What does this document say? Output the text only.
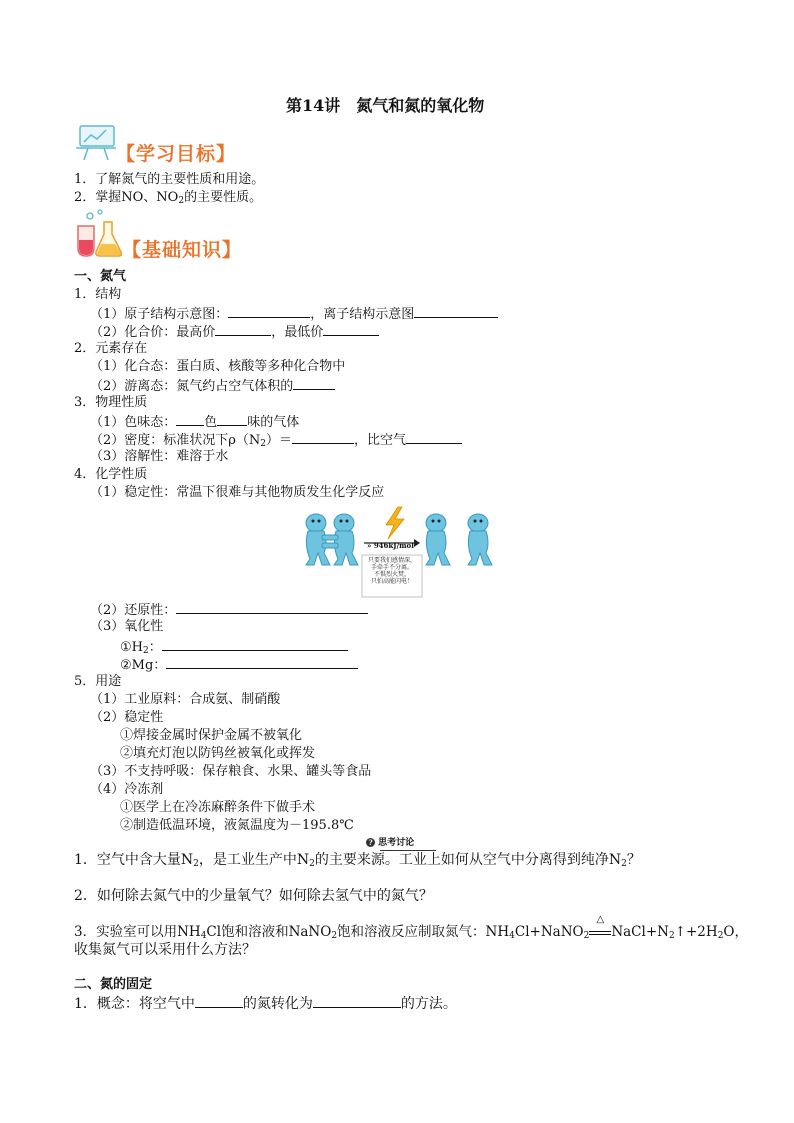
第14讲　氮气和氮的氧化物
【学习目标】
1．了解氮气的主要性质和用途。
2．掌握NO、$NO_2$的主要性质。
【基础知识】
一、氮气
1．结构
（1）原子结构示意图：	，离子结构示意图
（2）化合价：最高价	，最低价
2．元素存在
（1）化合态：蛋白质、核酸等多种化合物中
（2）游离态：氮气约占空气体积的
3．物理性质
（1）色味态： 色 味的气体
（2）密度：标准状况下$\rho(N_2)=$	，比空气
（3）溶解性：难溶于水
4．化学性质
（1）稳定性：常温下很难与其他物质发生化学反应
» 946kJ/mol
只要我们感情深，
手牵手不分离。
不惧烈火焚，
只怕高能闪电！
（2）还原性：
（3）氧化性
$①H_2$：
②Mg：
5．用途
（1）工业原料：合成氨、制硝酸
（2）稳定性
①焊接金属时保护金属不被氧化
②填充灯泡以防钨丝被氧化或挥发
（3）不支持呼吸：保存粮食、水果、罐头等食品
（4）冷冻剂
①医学上在冷冻麻醉条件下做手术
②制造低温环境，液氮温度为－195.8℃
? 思考讨论
1．空气中含大量$N_2$，是工业生产中$N_2$的主要来源。工业上如何从空气中分离得到纯净$N_2$？
2．如何除去氮气中的少量氧气？如何除去氢气中的氮气？
3．实验室可以用$NH_4Cl$饱和溶液和NaNO$_2$饱和溶液反应制取氮气：$NH_4Cl+NaNO_2$
△
$NaCl+N_2↑+2H_2O$，
收集氮气可以采用什么方法？
二、氮的固定
1．概念：将空气中	的氮转化为	的方法。
